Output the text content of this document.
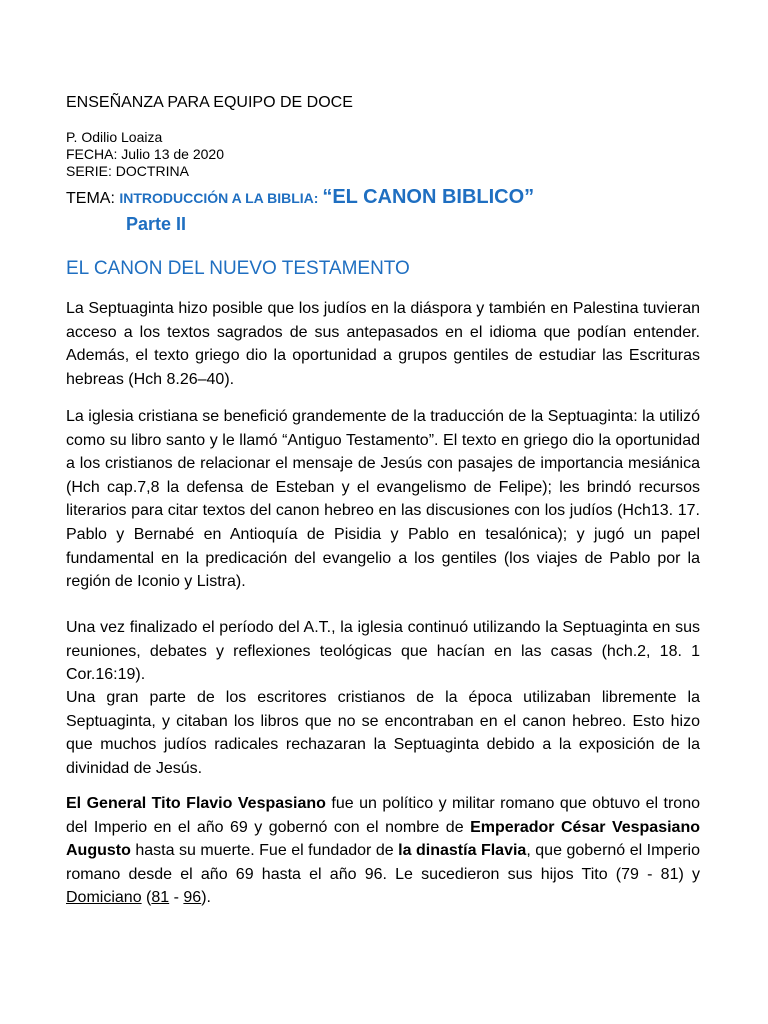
ENSEÑANZA PARA EQUIPO DE DOCE
P. Odilio Loaiza
FECHA: Julio 13 de 2020
SERIE: DOCTRINA
TEMA: INTRODUCCIÓN A LA BIBLIA: “EL CANON BIBLICO”
Parte II
EL CANON DEL NUEVO TESTAMENTO

La Septuaginta hizo posible que los judíos en la diáspora y también en Palestina tuvieran acceso a los textos sagrados de sus antepasados en el idioma que podían entender. Además, el texto griego dio la oportunidad a grupos gentiles de estudiar las Escrituras hebreas (Hch 8.26–40).

La iglesia cristiana se benefició grandemente de la traducción de la Septuaginta: la utilizó como su libro santo y le llamó “Antiguo Testamento”. El texto en griego dio la oportunidad a los cristianos de relacionar el mensaje de Jesús con pasajes de importancia mesiánica (Hch cap.7,8 la defensa de Esteban y el evangelismo de Felipe); les brindó recursos literarios para citar textos del canon hebreo en las discusiones con los judíos (Hch13. 17. Pablo y Bernabé en Antioquía de Pisidia y Pablo en tesalónica); y jugó un papel fundamental en la predicación del evangelio a los gentiles (los viajes de Pablo por la región de Iconio y Listra).

Una vez finalizado el período del A.T., la iglesia continuó utilizando la Septuaginta en sus reuniones, debates y reflexiones teológicas que hacían en las casas (hch.2, 18. 1 Cor.16:19).

Una gran parte de los escritores cristianos de la época utilizaban libremente la Septuaginta, y citaban los libros que no se encontraban en el canon hebreo. Esto hizo que muchos judíos radicales rechazaran la Septuaginta debido a la exposición de la divinidad de Jesús.

El General Tito Flavio Vespasiano fue un político y militar romano que obtuvo el trono del Imperio en el año 69 y gobernó con el nombre de Emperador César Vespasiano Augusto hasta su muerte. Fue el fundador de la dinastía Flavia, que gobernó el Imperio romano desde el año 69 hasta el año 96. Le sucedieron sus hijos Tito (79 - 81) y Domiciano (81 - 96).
